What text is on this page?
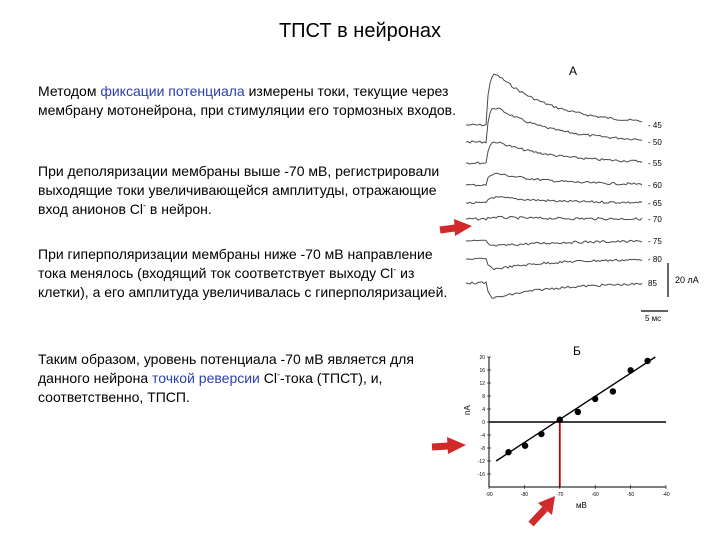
ТПСТ в нейронах
Методом фиксации потенциала измерены токи, текущие через мембрану мотонейрона, при стимуляции его тормозных входов.
При деполяризации мембраны выше -70 мВ, регистрировали выходящие токи увеличивающейся амплитуды, отражающие вход анионов Cl- в нейрон.
При гиперполяризации мембраны ниже -70 мВ направление тока менялось (входящий ток соответствует выходу Cl- из клетки), а его амплитуда увеличивалась с гиперполяризацией.
Таким образом, уровень потенциала -70 мВ является для данного нейрона точкой реверсии Cl--тока (ТПСТ), и, соответственно, ТПСП.
А
- 45
- 50
- 55
- 60
- 65
- 70
- 75
- 80
85 20 лА
5 мс
Б
20
16
12
8
4
0
-4
-8
-12
-16
-90	-80	-70	-60	-50	-40
пА
мВ
